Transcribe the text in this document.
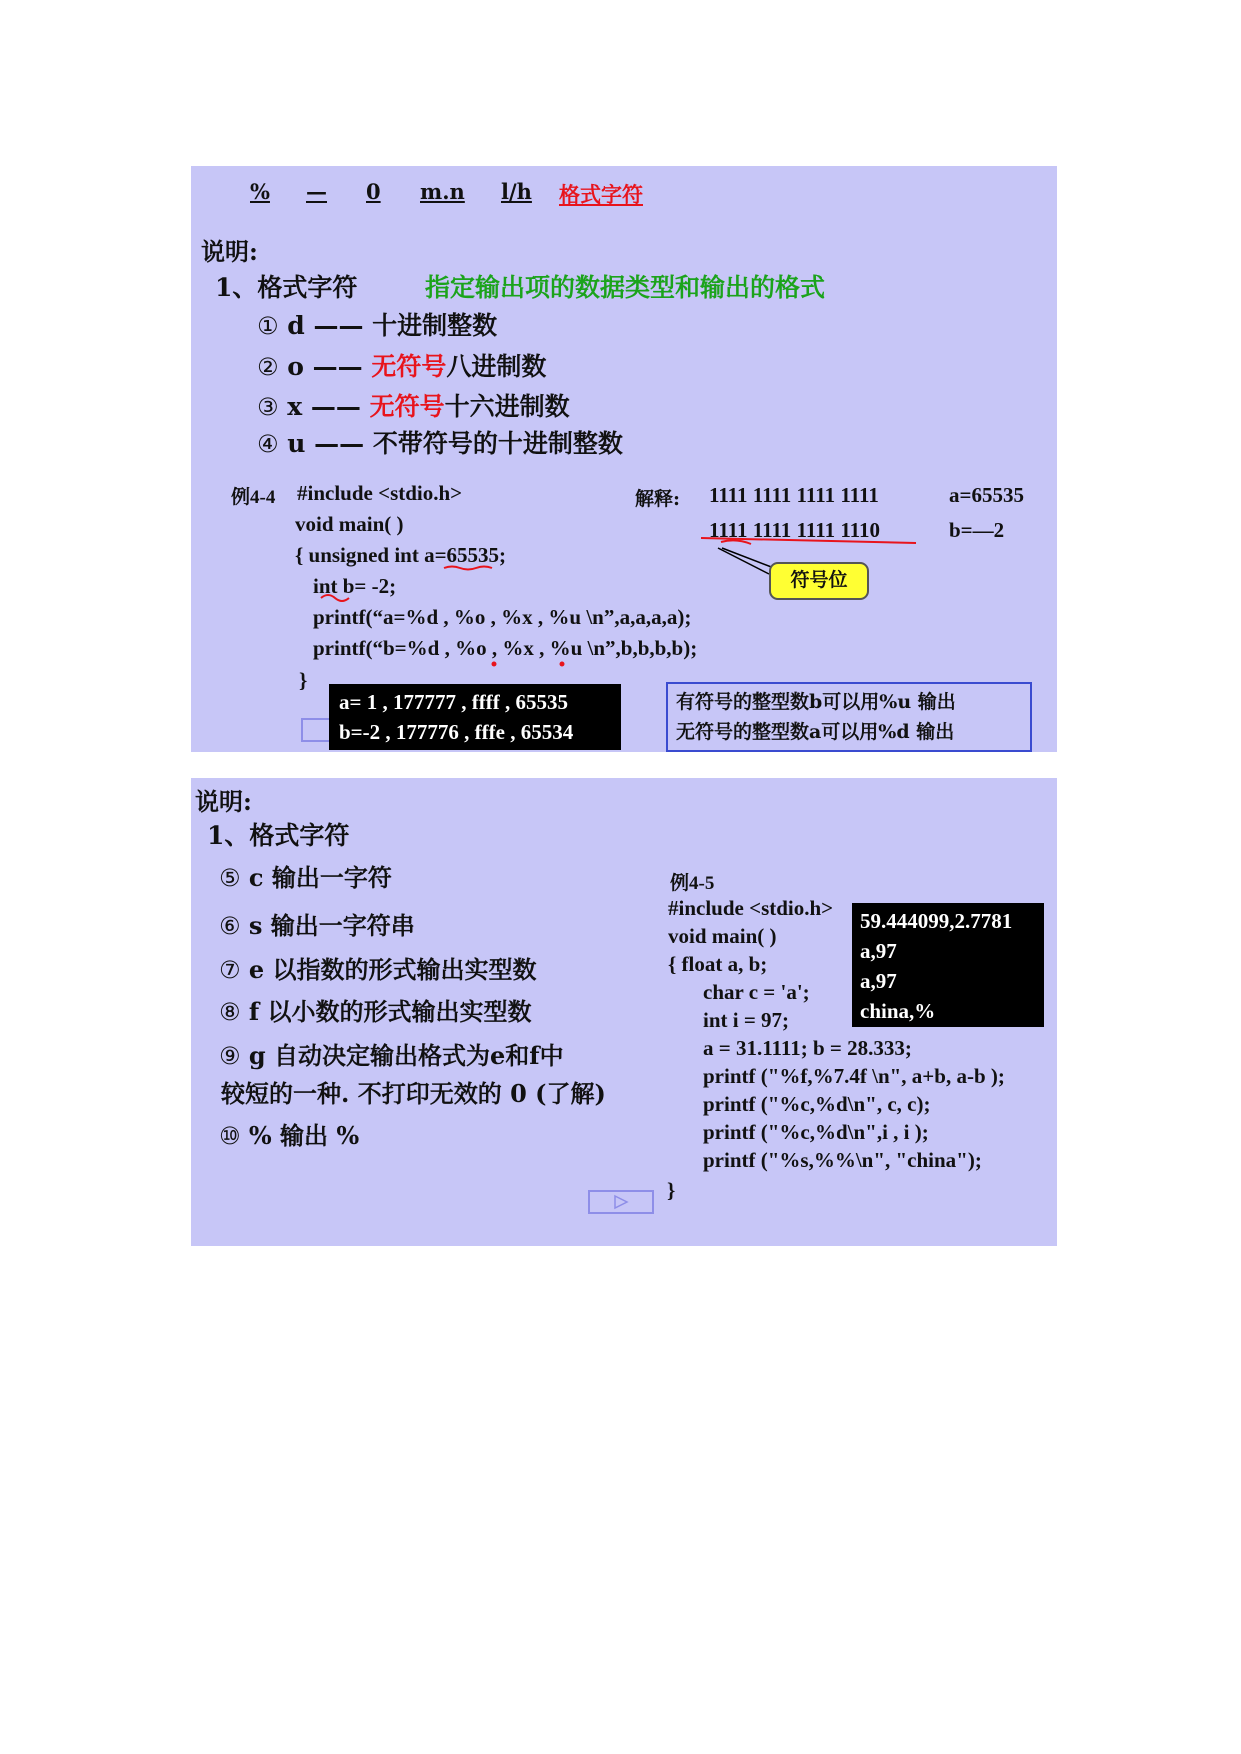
% — 0 m.n l/h 格式字符
说明:
1、格式字符	指定输出项的数据类型和输出的格式
① d —— 十进制整数
② o —— 无符号八进制数
③ x —— 无符号十六进制数
④ u —— 不带符号的十进制整数
例4-4 #include <stdio.h>
void main( )
{ unsigned int a=65535;
int b= -2;
printf(“a=%d , %o , %x , %u \n”,a,a,a,a);
printf(“b=%d , %o , %x , %u \n”,b,b,b,b);
}
解释: 1111 1111 1111 1111	a=65535
1111 1111 1111 1110	b=—2
符号位
a= 1 , 177777 , ffff , 65535
b=-2 , 177776 , fffe , 65534
有符号的整型数b可以用%u 输出
无符号的整型数a可以用%d 输出
说明:
1、格式字符
⑤ c 输出一字符
⑥ s 输出一字符串
⑦ e 以指数的形式输出实型数
⑧ f 以小数的形式输出实型数
⑨ g 自动决定输出格式为e和f中
较短的一种. 不打印无效的 0 (了解)
⑩ % 输出 %
例4-5
#include <stdio.h>
void main( )
{ float a, b;
char c = 'a';
int i = 97;
a = 31.1111; b = 28.333;
printf ("%f,%7.4f \n", a+b, a-b );
printf ("%c,%d\n", c, c);
printf ("%c,%d\n",i , i );
printf ("%s,%%\n", "china");
}
59.444099,2.7781
a,97
a,97
china,%
